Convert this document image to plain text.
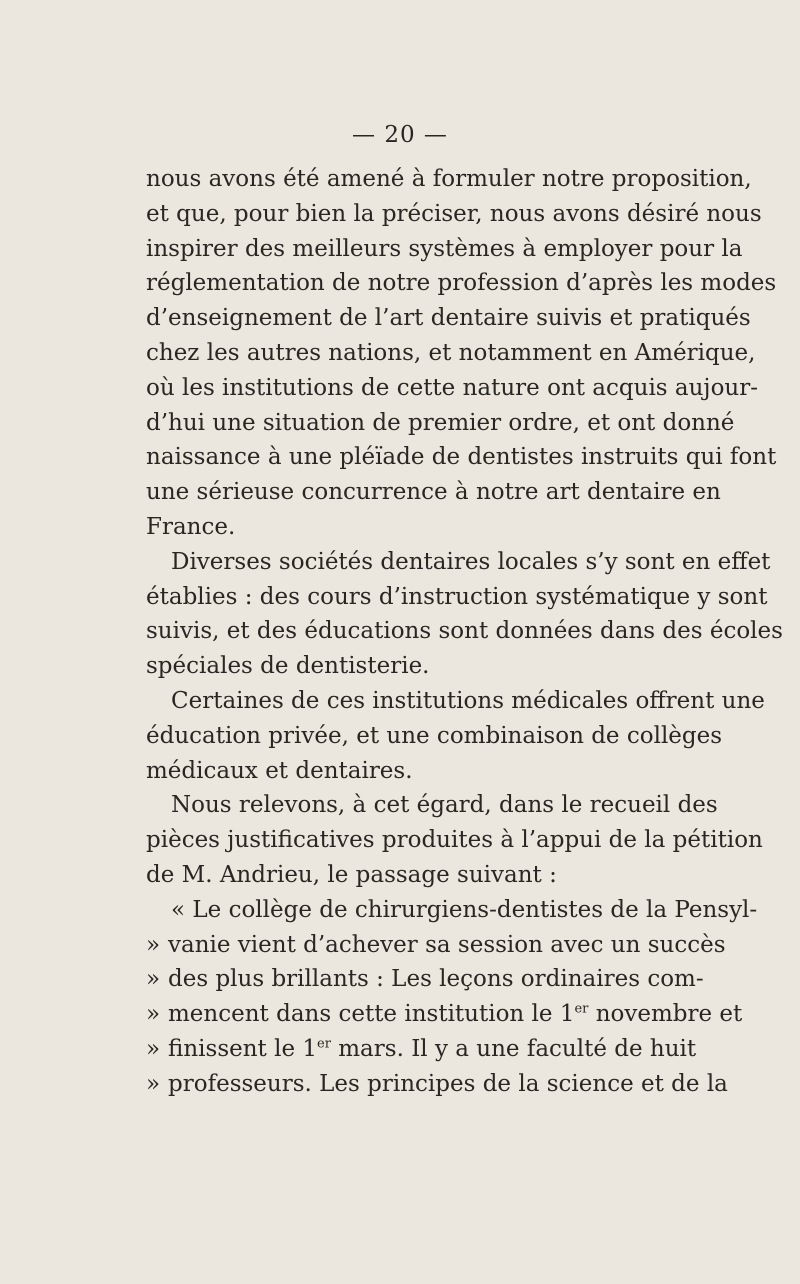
— 20 —
nous avons été amené à formuler notre proposition,
et que, pour bien la préciser, nous avons désiré nous
inspirer des meilleurs systèmes à employer pour la
réglementation de notre profession d’après les modes
d’enseignement de l’art dentaire suivis et pratiqués
chez les autres nations, et notamment en Amérique,
où les institutions de cette nature ont acquis aujour-
d’hui une situation de premier ordre, et ont donné
naissance à une pléïade de dentistes instruits qui font
une sérieuse concurrence à notre art dentaire en
France.
Diverses sociétés dentaires locales s’y sont en effet
établies : des cours d’instruction systématique y sont
suivis, et des éducations sont données dans des écoles
spéciales de dentisterie.
Certaines de ces institutions médicales offrent une
éducation privée, et une combinaison de collèges
médicaux et dentaires.
Nous relevons, à cet égard, dans le recueil des
pièces justificatives produites à l’appui de la pétition
de M. Andrieu, le passage suivant :
« Le collège de chirurgiens-dentistes de la Pensyl-
» vanie vient d’achever sa session avec un succès
» des plus brillants : Les leçons ordinaires com-
» mencent dans cette institution le 1er novembre et
» finissent le 1er mars. Il y a une faculté de huit
» professeurs. Les principes de la science et de la
